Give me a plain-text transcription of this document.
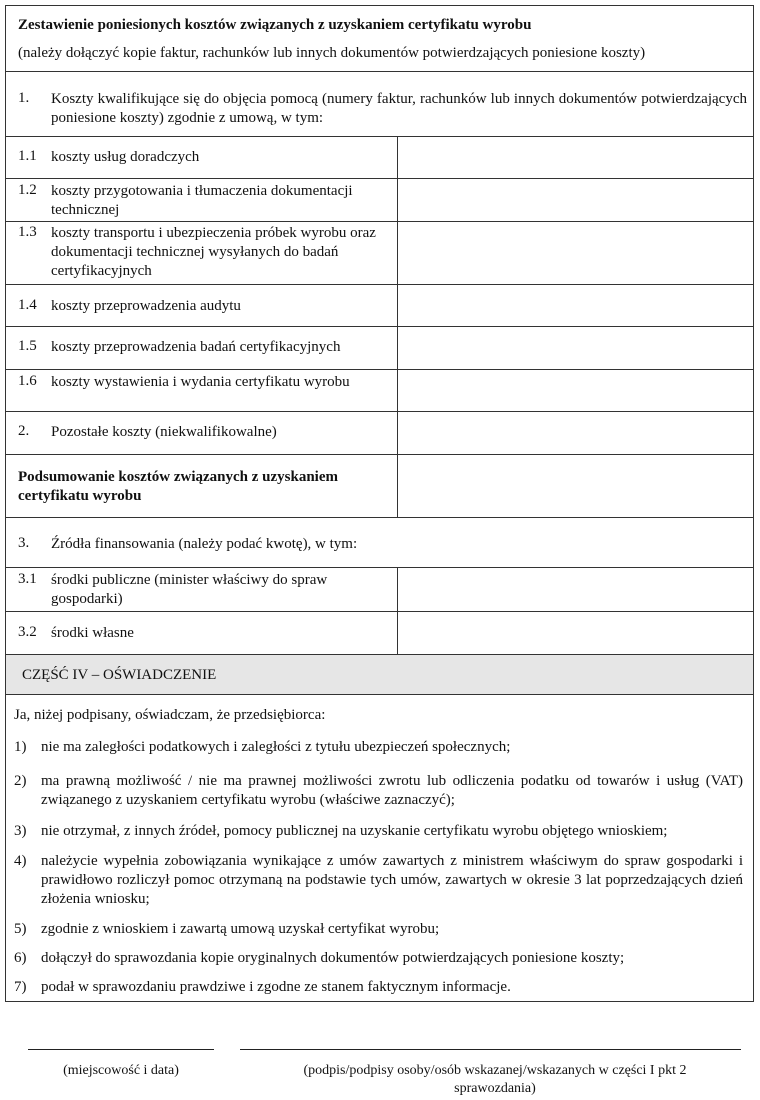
Zestawienie poniesionych kosztów związanych z uzyskaniem certyfikatu wyrobu
(należy dołączyć kopie faktur, rachunków lub innych dokumentów potwierdzających poniesione koszty)
1. Koszty kwalifikujące się do objęcia pomocą (numery faktur, rachunków lub innych dokumentów potwierdzających poniesione koszty) zgodnie z umową, w tym:
1.1 koszty usług doradczych
1.2 koszty przygotowania i tłumaczenia dokumentacji technicznej
1.3 koszty transportu i ubezpieczenia próbek wyrobu oraz dokumentacji technicznej wysyłanych do badań certyfikacyjnych
1.4 koszty przeprowadzenia audytu
1.5 koszty przeprowadzenia badań certyfikacyjnych
1.6 koszty wystawienia i wydania certyfikatu wyrobu
2. Pozostałe koszty (niekwalifikowalne)
Podsumowanie kosztów związanych z uzyskaniem certyfikatu wyrobu
3. Źródła finansowania (należy podać kwotę), w tym:
3.1 środki publiczne (minister właściwy do spraw gospodarki)
3.2 środki własne
CZĘŚĆ IV – OŚWIADCZENIE
Ja, niżej podpisany, oświadczam, że przedsiębiorca:
1) nie ma zaległości podatkowych i zaległości z tytułu ubezpieczeń społecznych;
2) ma prawną możliwość / nie ma prawnej możliwości zwrotu lub odliczenia podatku od towarów i usług (VAT) związanego z uzyskaniem certyfikatu wyrobu (właściwe zaznaczyć);
3) nie otrzymał, z innych źródeł, pomocy publicznej na uzyskanie certyfikatu wyrobu objętego wnioskiem;
4) należycie wypełnia zobowiązania wynikające z umów zawartych z ministrem właściwym do spraw gospodarki i prawidłowo rozliczył pomoc otrzymaną na podstawie tych umów, zawartych w okresie 3 lat poprzedzających dzień złożenia wniosku;
5) zgodnie z wnioskiem i zawartą umową uzyskał certyfikat wyrobu;
6) dołączył do sprawozdania kopie oryginalnych dokumentów potwierdzających poniesione koszty;
7) podał w sprawozdaniu prawdziwe i zgodne ze stanem faktycznym informacje.
(miejscowość i data)	(podpis/podpisy osoby/osób wskazanej/wskazanych w części I pkt 2 sprawozdania)
